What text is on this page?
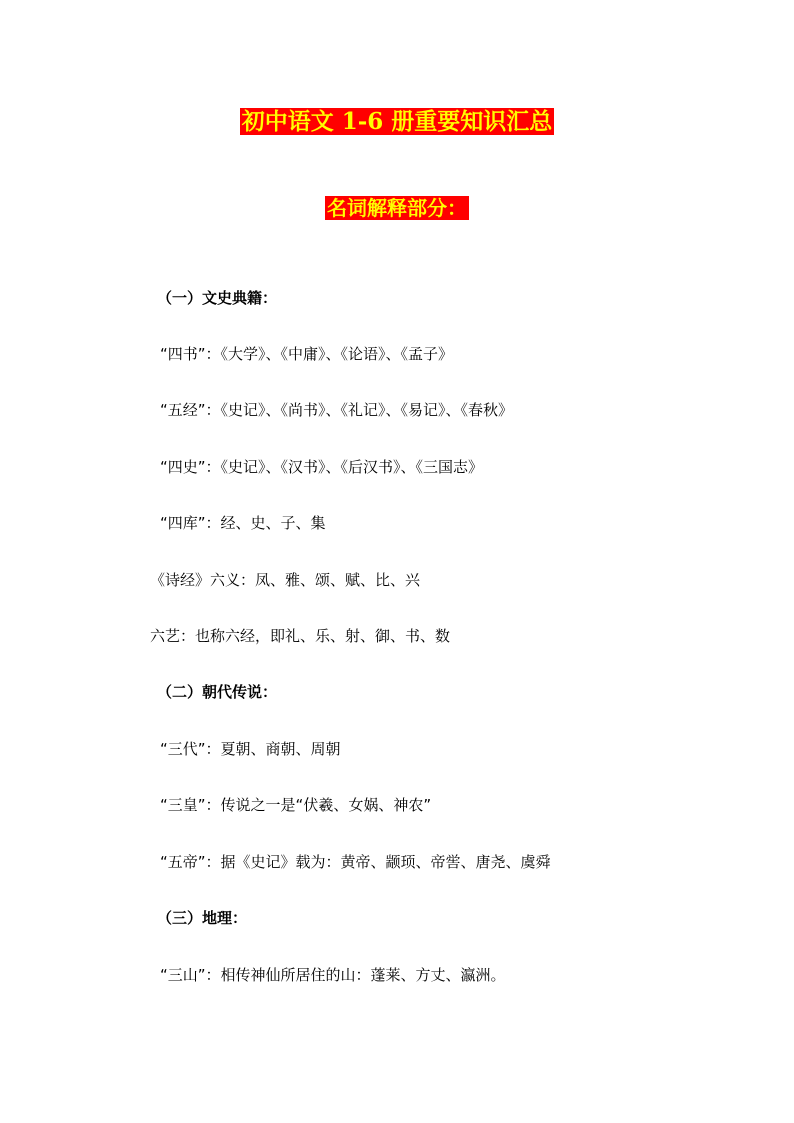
初中语文 1-6 册重要知识汇总
名词解释部分：
（一）文史典籍：
“四书”：《大学》、《中庸》、《论语》、《孟子》
“五经”：《史记》、《尚书》、《礼记》、《易记》、《春秋》
“四史”：《史记》、《汉书》、《后汉书》、《三国志》
“四库”：经、史、子、集
《诗经》六义：凤、雅、颂、赋、比、兴
六艺：也称六经，即礼、乐、射、御、书、数
（二）朝代传说：
“三代”：夏朝、商朝、周朝
“三皇”：传说之一是“伏羲、女娲、神农”
“五帝”：据《史记》载为：黄帝、颛顼、帝喾、唐尧、虞舜
（三）地理：
“三山”：相传神仙所居住的山：蓬莱、方丈、瀛洲。
